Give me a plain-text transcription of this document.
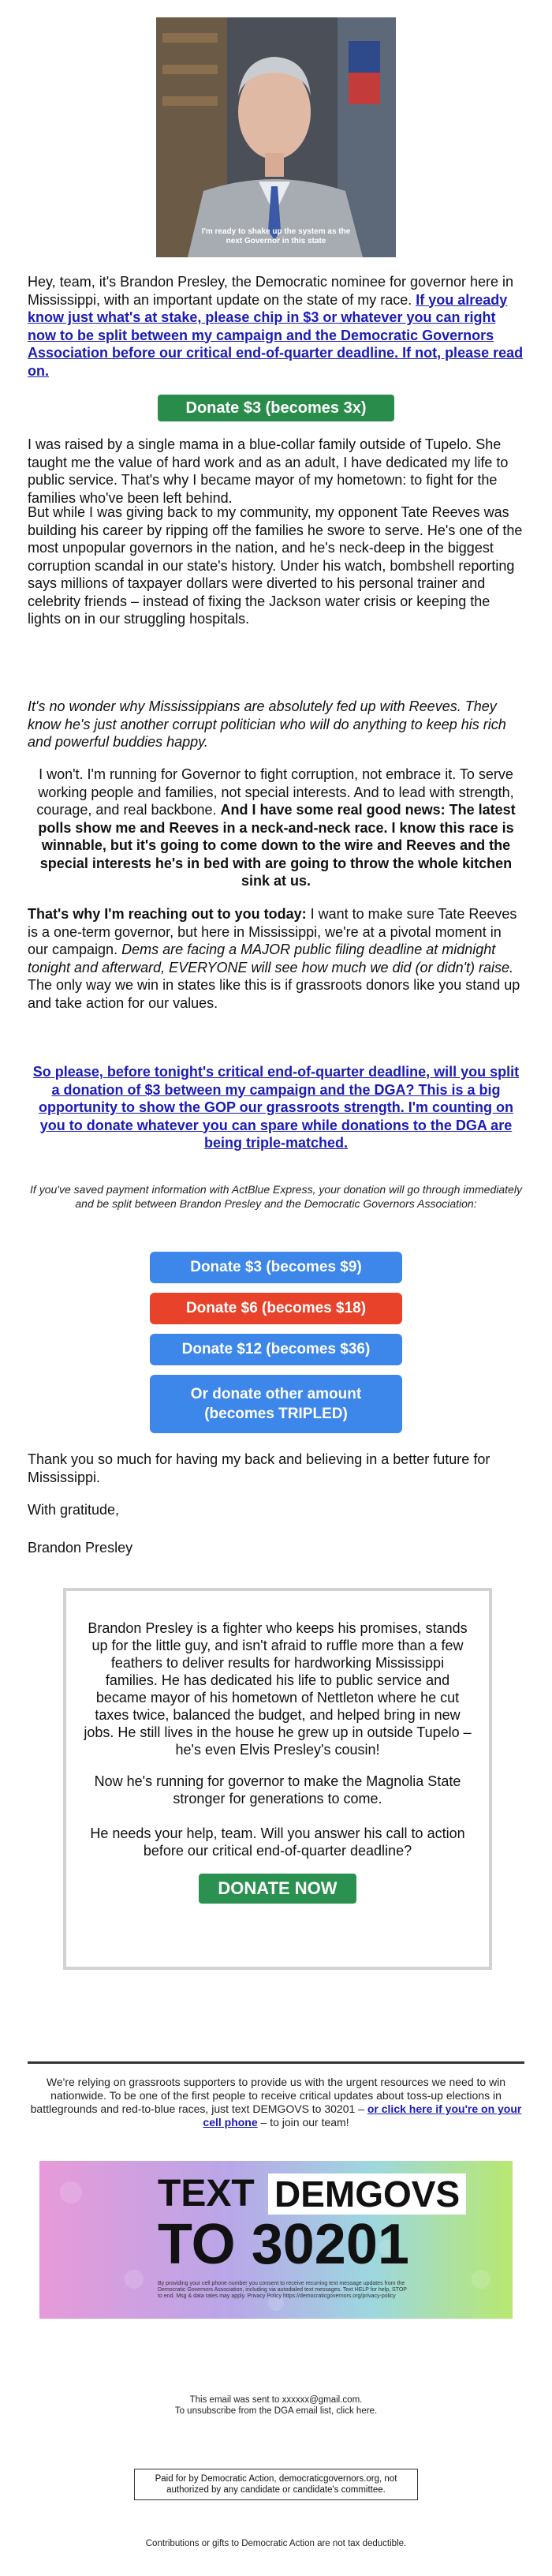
I'm ready to shake up the system as the
next Governor in this state
Hey, team, it's Brandon Presley, the Democratic nominee for governor here in Mississippi, with an important update on the state of my race. If you already know just what's at stake, please chip in $3 or whatever you can right now to be split between my campaign and the Democratic Governors Association before our critical end-of-quarter deadline. If not, please read on.
Donate $3 (becomes 3x)
I was raised by a single mama in a blue-collar family outside of Tupelo. She taught me the value of hard work and as an adult, I have dedicated my life to public service. That's why I became mayor of my hometown: to fight for the families who've been left behind.
But while I was giving back to my community, my opponent Tate Reeves was building his career by ripping off the families he swore to serve. He's one of the most unpopular governors in the nation, and he's neck-deep in the biggest corruption scandal in our state's history. Under his watch, bombshell reporting says millions of taxpayer dollars were diverted to his personal trainer and celebrity friends – instead of fixing the Jackson water crisis or keeping the lights on in our struggling hospitals.
It's no wonder why Mississippians are absolutely fed up with Reeves. They know he's just another corrupt politician who will do anything to keep his rich and powerful buddies happy.
I won't. I'm running for Governor to fight corruption, not embrace it. To serve working people and families, not special interests. And to lead with strength, courage, and real backbone. And I have some real good news: The latest polls show me and Reeves in a neck-and-neck race. I know this race is winnable, but it's going to come down to the wire and Reeves and the special interests he's in bed with are going to throw the whole kitchen sink at us.
That's why I'm reaching out to you today: I want to make sure Tate Reeves is a one-term governor, but here in Mississippi, we're at a pivotal moment in our campaign. Dems are facing a MAJOR public filing deadline at midnight tonight and afterward, EVERYONE will see how much we did (or didn't) raise. The only way we win in states like this is if grassroots donors like you stand up and take action for our values.
So please, before tonight's critical end-of-quarter deadline, will you split a donation of $3 between my campaign and the DGA? This is a big opportunity to show the GOP our grassroots strength. I'm counting on you to donate whatever you can spare while donations to the DGA are being triple-matched.
If you've saved payment information with ActBlue Express, your donation will go through immediately and be split between Brandon Presley and the Democratic Governors Association:
Donate $3 (becomes $9)
Donate $6 (becomes $18)
Donate $12 (becomes $36)
Or donate other amount
(becomes TRIPLED)
Thank you so much for having my back and believing in a better future for Mississippi.
With gratitude,
Brandon Presley

Brandon Presley is a fighter who keeps his promises, stands up for the little guy, and isn't afraid to ruffle more than a few feathers to deliver results for hardworking Mississippi families. He has dedicated his life to public service and became mayor of his hometown of Nettleton where he cut taxes twice, balanced the budget, and helped bring in new jobs. He still lives in the house he grew up in outside Tupelo – he's even Elvis Presley's cousin!

Now he's running for governor to make the Magnolia State stronger for generations to come.

He needs your help, team. Will you answer his call to action before our critical end-of-quarter deadline?

DONATE NOW
We're relying on grassroots supporters to provide us with the urgent resources we need to win nationwide. To be one of the first people to receive critical updates about toss-up elections in battlegrounds and red-to-blue races, just text DEMGOVS to 30201 – or click here if you're on your cell phone – to join our team!
TEXT DEMGOVS
TO 30201
By providing your cell phone number you consent to receive recurring text message updates from the Democratic Governors Association, including via autodialed text messages. Text HELP for help, STOP to end. Msg & data rates may apply. Privacy Policy https://democraticgovernors.org/privacy-policy
This email was sent to xxxxxx@gmail.com.
To unsubscribe from the DGA email list, click here.
Paid for by Democratic Action, democraticgovernors.org, not authorized by any candidate or candidate's committee.
Contributions or gifts to Democratic Action are not tax deductible.
